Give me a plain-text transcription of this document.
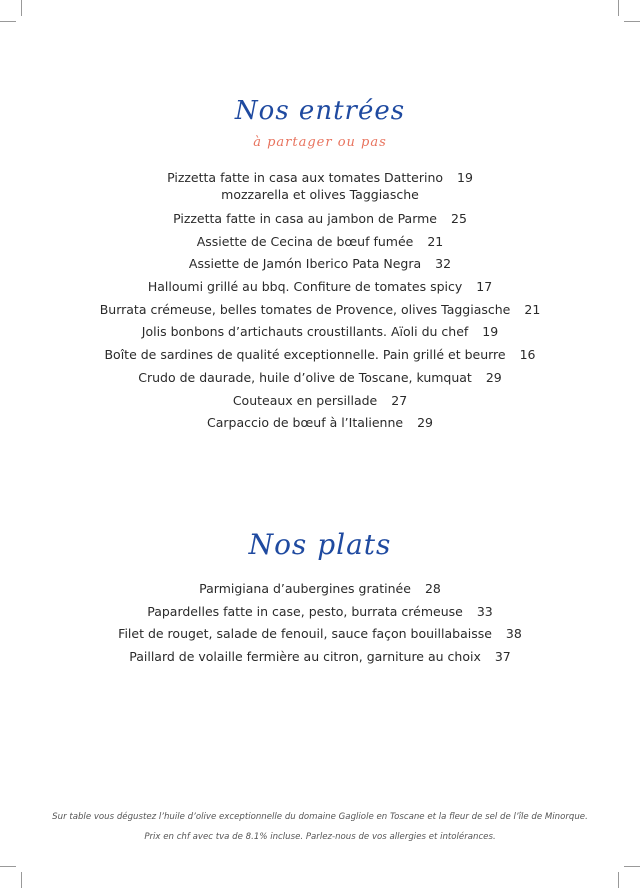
Nos entrées
à partager ou pas
Pizzetta fatte in casa aux tomates Datterino 19
mozzarella et olives Taggiasche
Pizzetta fatte in casa au jambon de Parme 25
Assiette de Cecina de bœuf fumée 21
Assiette de Jamón Iberico Pata Negra 32
Halloumi grillé au bbq. Confiture de tomates spicy 17
Burrata crémeuse, belles tomates de Provence, olives Taggiasche 21
Jolis bonbons d’artichauts croustillants. Aïoli du chef 19
Boîte de sardines de qualité exceptionnelle. Pain grillé et beurre 16
Crudo de daurade, huile d’olive de Toscane, kumquat 29
Couteaux en persillade 27
Carpaccio de bœuf à l’Italienne 29
Nos plats
Parmigiana d’aubergines gratinée 28
Papardelles fatte in case, pesto, burrata crémeuse 33
Filet de rouget, salade de fenouil, sauce façon bouillabaisse 38
Paillard de volaille fermière au citron, garniture au choix 37
Sur table vous dégustez l’huile d’olive exceptionnelle du domaine Gagliole en Toscane et la fleur de sel de l’île de Minorque.
Prix en chf avec tva de 8.1% incluse. Parlez-nous de vos allergies et intolérances.
